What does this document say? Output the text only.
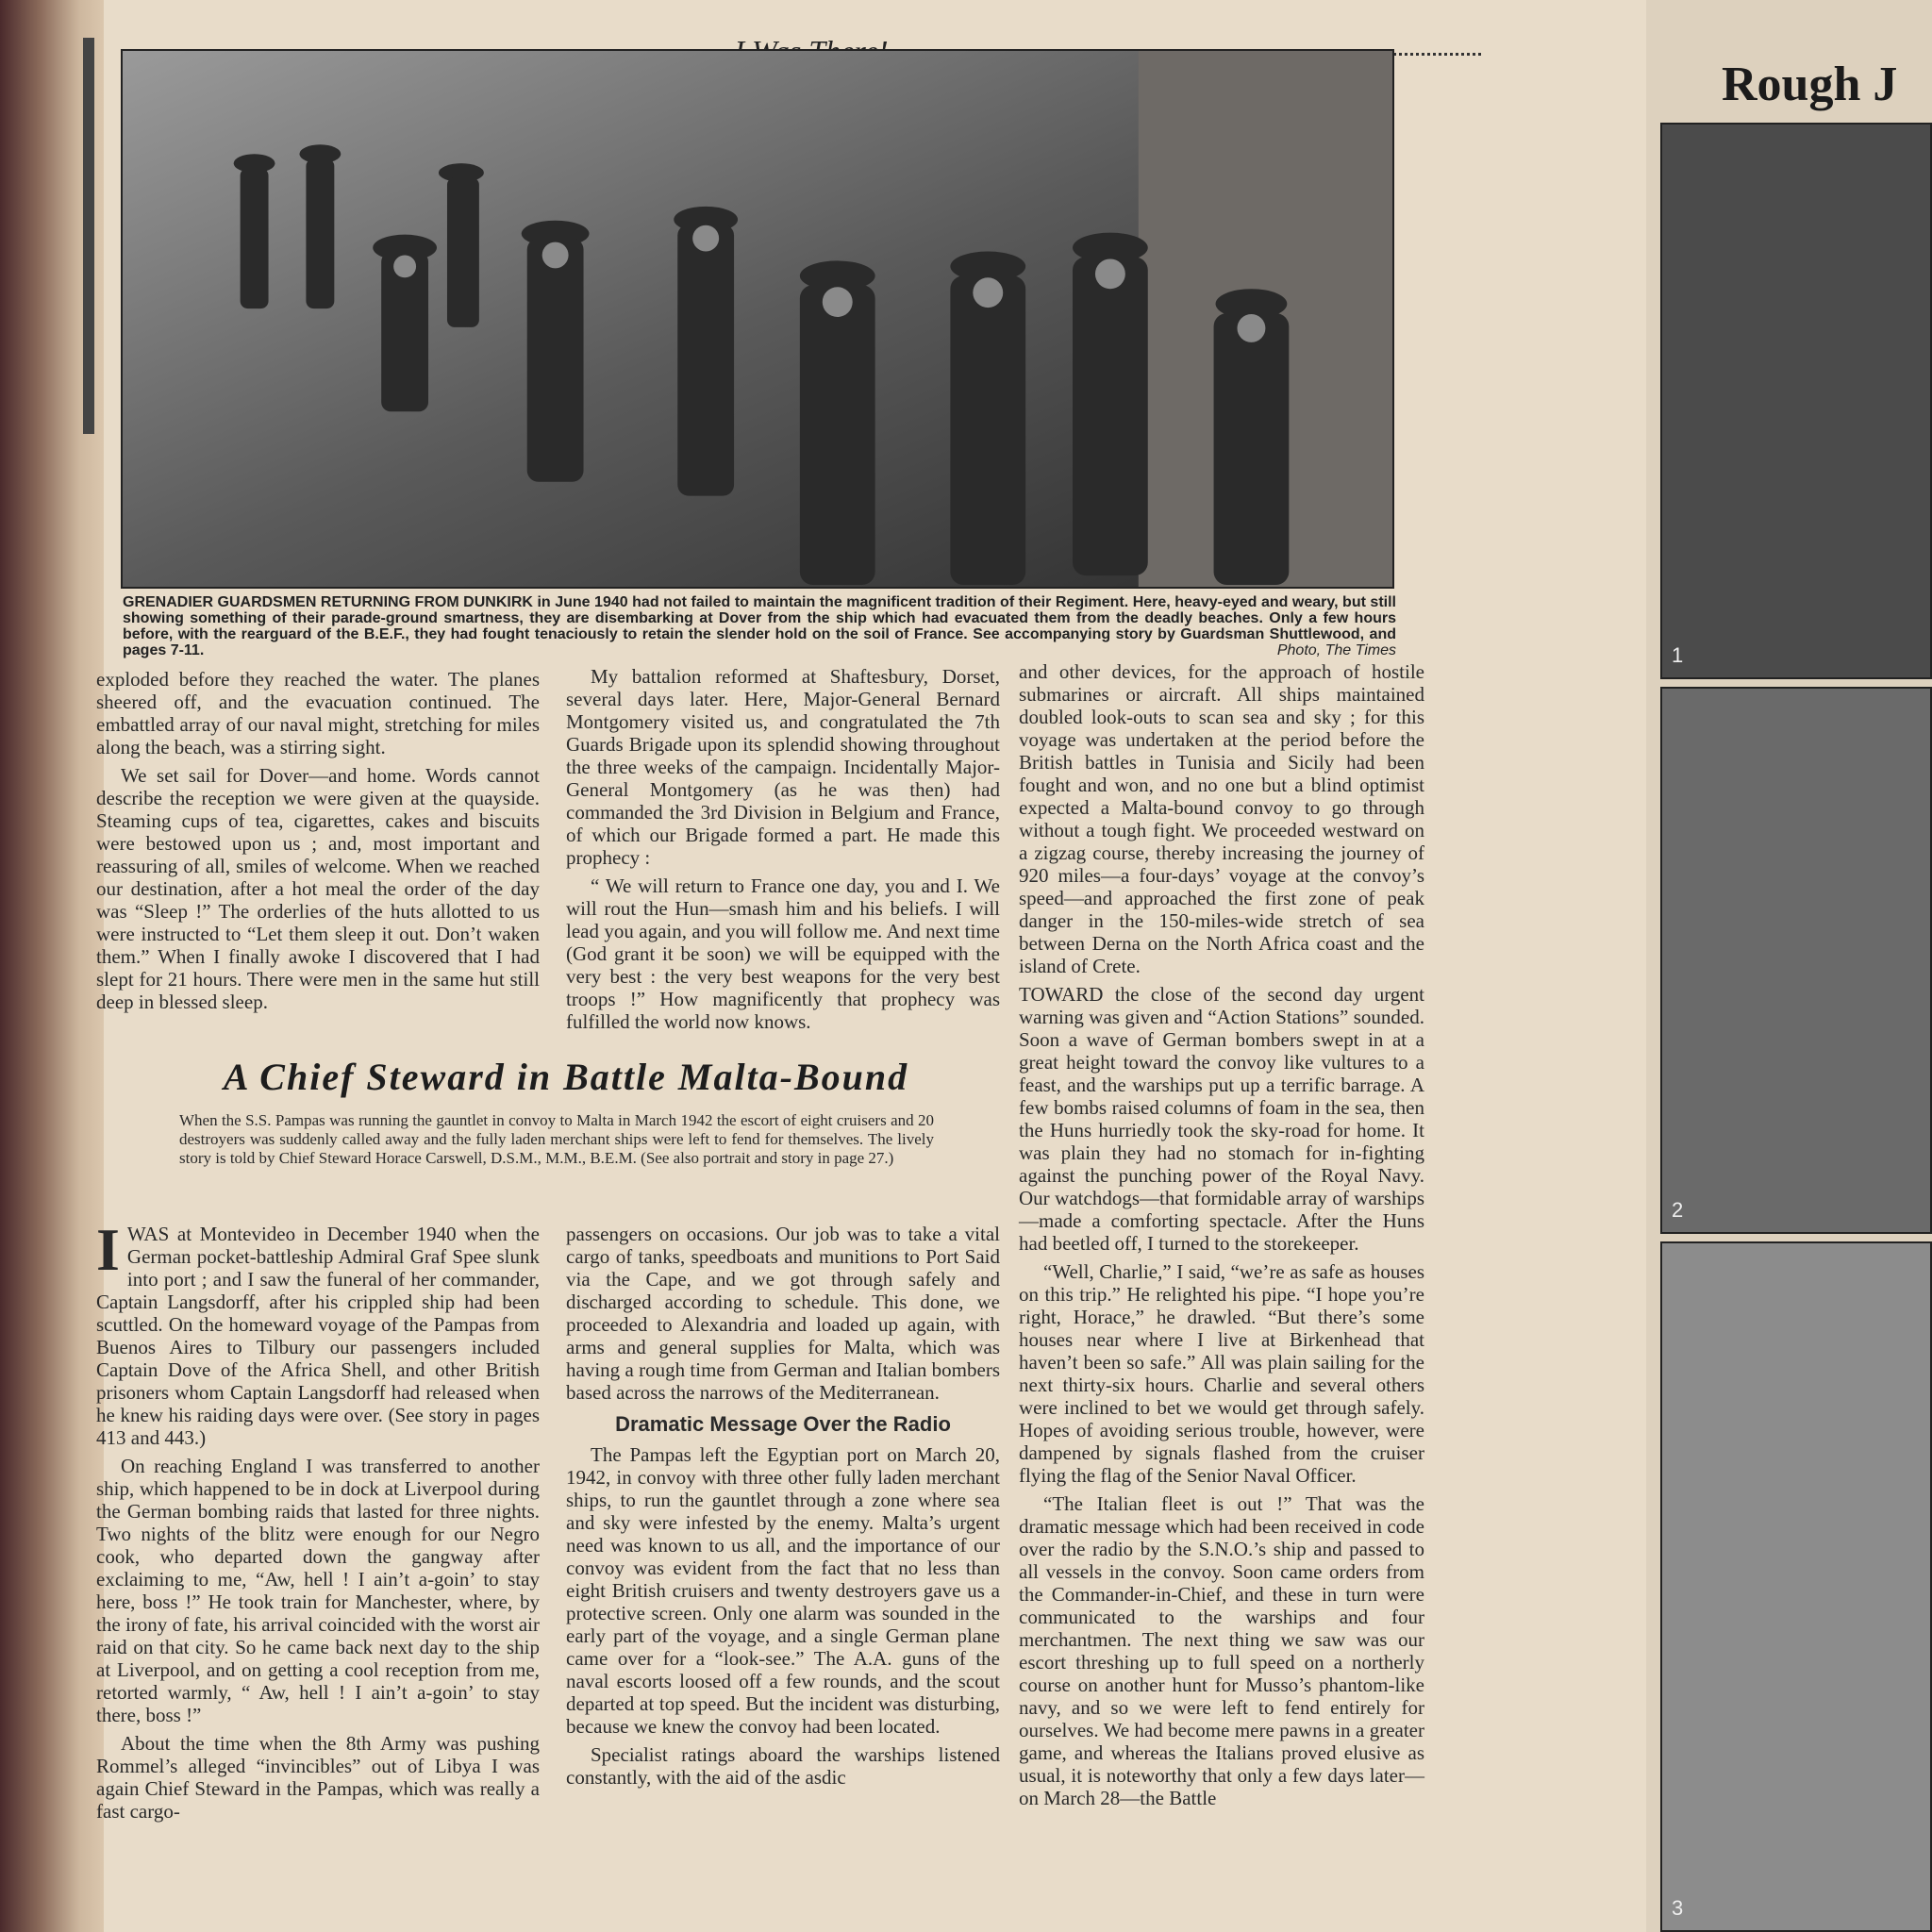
GRENADIER GUARDSMEN RETURNING FROM DUNKIRK in June 1940 had not failed to maintain the magnificent tradition of their Regiment. Here, heavy-eyed and weary, but still showing something of their parade-ground smartness, they are disembarking at Dover from the ship which had evacuated them from the deadly beaches. Only a few hours before, with the rearguard of the B.E.F., they had fought tenaciously to retain the slender hold on the soil of France. See accompanying story by Guardsman Shuttlewood, and pages 7-11.	Photo, The Times

exploded before they reached the water. The planes sheered off, and the evacuation continued. The embattled array of our naval might, stretching for miles along the beach, was a stirring sight.

We set sail for Dover—and home. Words cannot describe the reception we were given at the quayside. Steaming cups of tea, cigarettes, cakes and biscuits were bestowed upon us ; and, most important and reassuring of all, smiles of welcome. When we reached our destination, after a hot meal the order of the day was “Sleep !” The orderlies of the huts allotted to us were instructed to “Let them sleep it out. Don’t waken them.” When I finally awoke I discovered that I had slept for 21 hours. There were men in the same hut still deep in blessed sleep.

My battalion reformed at Shaftesbury, Dorset, several days later. Here, Major-General Bernard Montgomery visited us, and congratulated the 7th Guards Brigade upon its splendid showing throughout the three weeks of the campaign. Incidentally Major-General Montgomery (as he was then) had commanded the 3rd Division in Belgium and France, of which our Brigade formed a part. He made this prophecy :

“ We will return to France one day, you and I. We will rout the Hun—smash him and his beliefs. I will lead you again, and you will follow me. And next time (God grant it be soon) we will be equipped with the very best : the very best weapons for the very best troops !” How magnificently that prophecy was fulfilled the world now knows.

A Chief Steward in Battle Malta-Bound
When the S.S. Pampas was running the gauntlet in convoy to Malta in March 1942 the escort of eight cruisers and 20 destroyers was suddenly called away and the fully laden merchant ships were left to fend for themselves. The lively story is told by Chief Steward Horace Carswell, D.S.M., M.M., B.E.M. (See also portrait and story in page 27.)

I WAS at Montevideo in December 1940 when the German pocket-battleship Admiral Graf Spee slunk into port ; and I saw the funeral of her commander, Captain Langsdorff, after his crippled ship had been scuttled. On the homeward voyage of the Pampas from Buenos Aires to Tilbury our passengers included Captain Dove of the Africa Shell, and other British prisoners whom Captain Langsdorff had released when he knew his raiding days were over. (See story in pages 413 and 443.)

On reaching England I was transferred to another ship, which happened to be in dock at Liverpool during the German bombing raids that lasted for three nights. Two nights of the blitz were enough for our Negro cook, who departed down the gangway after exclaiming to me, “Aw, hell ! I ain’t a-goin’ to stay here, boss !” He took train for Manchester, where, by the irony of fate, his arrival coincided with the worst air raid on that city. So he came back next day to the ship at Liverpool, and on getting a cool reception from me, retorted warmly, “ Aw, hell ! I ain’t a-goin’ to stay there, boss !”

About the time when the 8th Army was pushing Rommel’s alleged “invincibles” out of Libya I was again Chief Steward in the Pampas, which was really a fast cargo-

passengers on occasions. Our job was to take a vital cargo of tanks, speedboats and munitions to Port Said via the Cape, and we got through safely and discharged according to schedule. This done, we proceeded to Alexandria and loaded up again, with arms and general supplies for Malta, which was having a rough time from German and Italian bombers based across the narrows of the Mediterranean.

Dramatic Message Over the Radio

The Pampas left the Egyptian port on March 20, 1942, in convoy with three other fully laden merchant ships, to run the gauntlet through a zone where sea and sky were infested by the enemy. Malta’s urgent need was known to us all, and the importance of our convoy was evident from the fact that no less than eight British cruisers and twenty destroyers gave us a protective screen. Only one alarm was sounded in the early part of the voyage, and a single German plane came over for a “look-see.” The A.A. guns of the naval escorts loosed off a few rounds, and the scout departed at top speed. But the incident was disturbing, because we knew the convoy had been located.

Specialist ratings aboard the warships listened constantly, with the aid of the asdic

and other devices, for the approach of hostile submarines or aircraft. All ships maintained doubled look-outs to scan sea and sky ; for this voyage was undertaken at the period before the British battles in Tunisia and Sicily had been fought and won, and no one but a blind optimist expected a Malta-bound convoy to go through without a tough fight. We proceeded westward on a zigzag course, thereby increasing the journey of 920 miles—a four-days’ voyage at the convoy’s speed—and approached the first zone of peak danger in the 150-miles-wide stretch of sea between Derna on the North Africa coast and the island of Crete.

TOWARD the close of the second day urgent warning was given and “Action Stations” sounded. Soon a wave of German bombers swept in at a great height toward the convoy like vultures to a feast, and the warships put up a terrific barrage. A few bombs raised columns of foam in the sea, then the Huns hurriedly took the sky-road for home. It was plain they had no stomach for in-fighting against the punching power of the Royal Navy. Our watchdogs—that formidable array of warships—made a comforting spectacle. After the Huns had beetled off, I turned to the storekeeper.

“Well, Charlie,” I said, “we’re as safe as houses on this trip.” He relighted his pipe. “I hope you’re right, Horace,” he drawled. “But there’s some houses near where I live at Birkenhead that haven’t been so safe.” All was plain sailing for the next thirty-six hours. Charlie and several others were inclined to bet we would get through safely. Hopes of avoiding serious trouble, however, were dampened by signals flashed from the cruiser flying the flag of the Senior Naval Officer.

“The Italian fleet is out !” That was the dramatic message which had been received in code over the radio by the S.N.O.’s ship and passed to all vessels in the convoy. Soon came orders from the Commander-in-Chief, and these in turn were communicated to the warships and four merchantmen. The next thing we saw was our escort threshing up to full speed on a northerly course on another hunt for Musso’s phantom-like navy, and so we were left to fend entirely for ourselves. We had become mere pawns in a greater game, and whereas the Italians proved elusive as usual, it is noteworthy that only a few days later—on March 28—the Battle

Rough J
1
2
3
